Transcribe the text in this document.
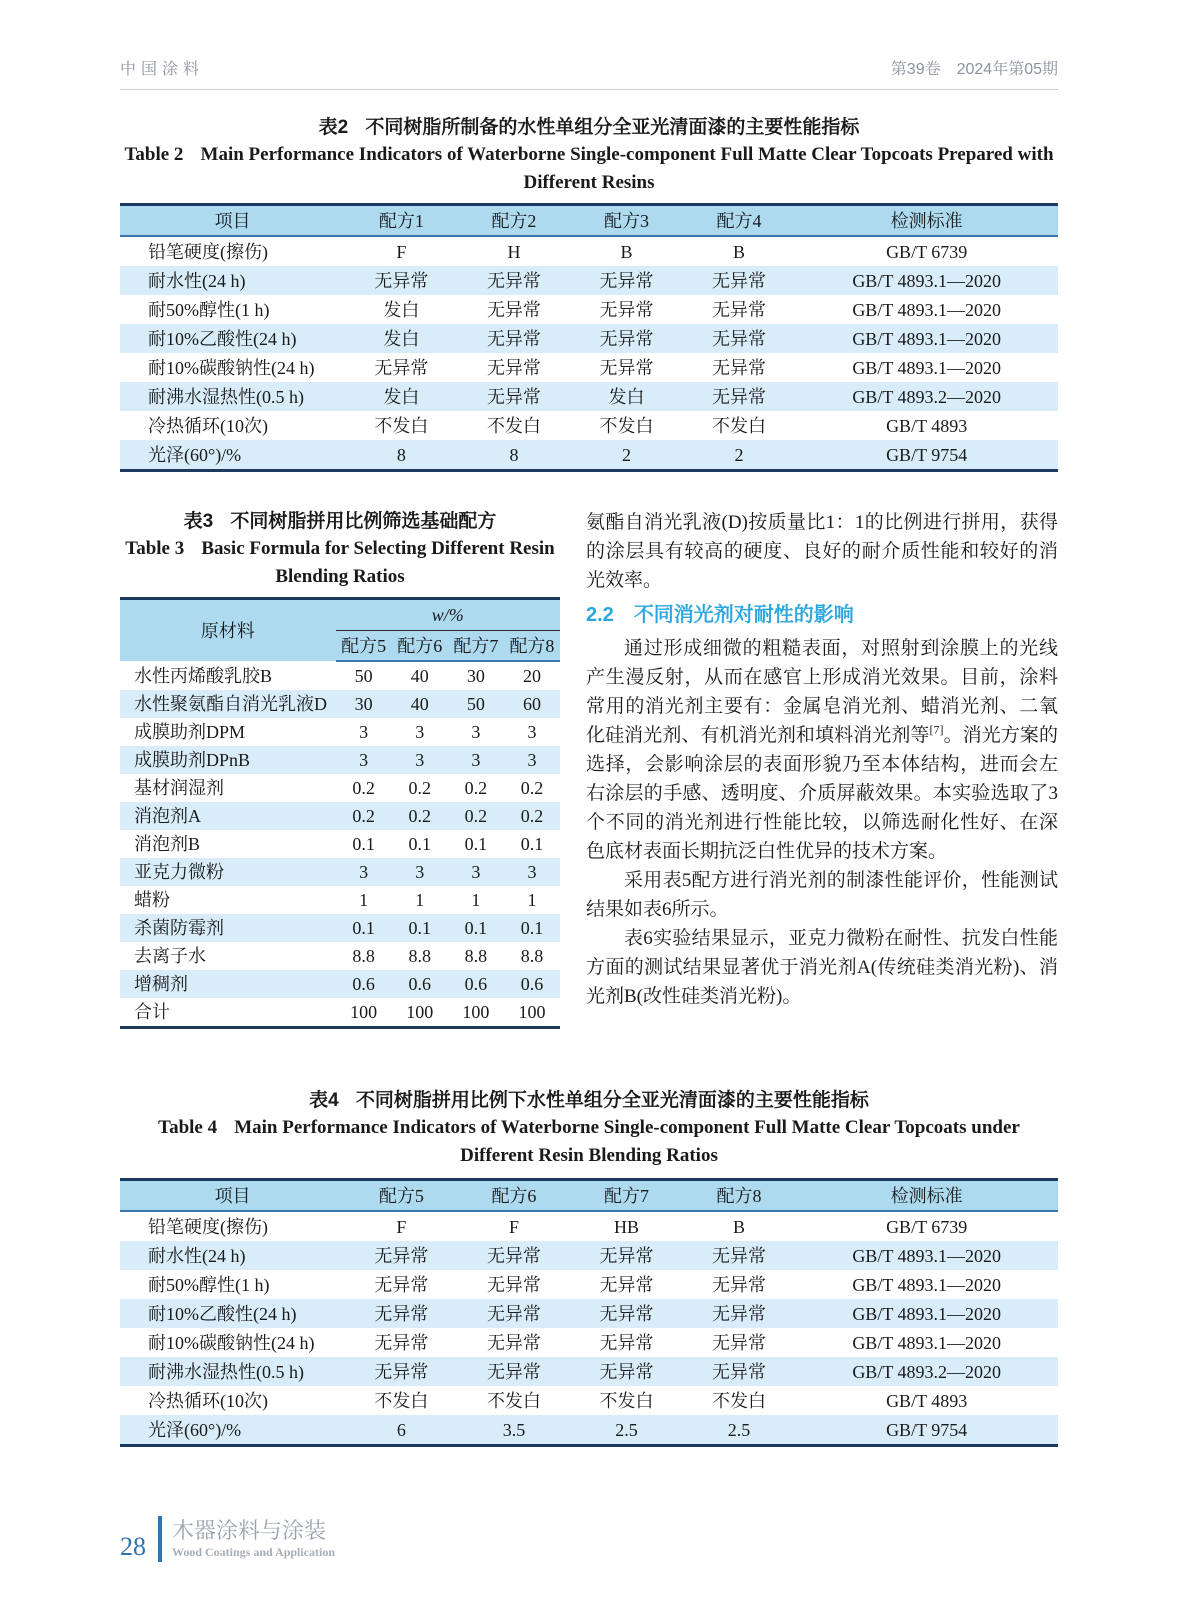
中国涂料	第39卷　2024年第05期
表2 不同树脂所制备的水性单组分全亚光清面漆的主要性能指标
Table 2 Main Performance Indicators of Waterborne Single-component Full Matte Clear Topcoats Prepared with Different Resins
项目	配方1	配方2	配方3	配方4	检测标准
铅笔硬度(擦伤)	F	H	B	B	GB/T 6739
耐水性(24 h)	无异常	无异常	无异常	无异常	GB/T 4893.1—2020
耐50%醇性(1 h)	发白	无异常	无异常	无异常	GB/T 4893.1—2020
耐10%乙酸性(24 h)	发白	无异常	无异常	无异常	GB/T 4893.1—2020
耐10%碳酸钠性(24 h)	无异常	无异常	无异常	无异常	GB/T 4893.1—2020
耐沸水湿热性(0.5 h)	发白	无异常	发白	无异常	GB/T 4893.2—2020
冷热循环(10次)	不发白	不发白	不发白	不发白	GB/T 4893
光泽(60°)/%	8	8	2	2	GB/T 9754
表3 不同树脂拼用比例筛选基础配方
Table 3 Basic Formula for Selecting Different Resin Blending Ratios
原材料	w/%			
	配方5	配方6	配方7	配方8
水性丙烯酸乳胶B	50	40	30	20
水性聚氨酯自消光乳液D	30	40	50	60
成膜助剂DPM	3	3	3	3
成膜助剂DPnB	3	3	3	3
基材润湿剂	0.2	0.2	0.2	0.2
消泡剂A	0.2	0.2	0.2	0.2
消泡剂B	0.1	0.1	0.1	0.1
亚克力微粉	3	3	3	3
蜡粉	1	1	1	1
杀菌防霉剂	0.1	0.1	0.1	0.1
去离子水	8.8	8.8	8.8	8.8
增稠剂	0.6	0.6	0.6	0.6
合计	100	100	100	100

氨酯自消光乳液(D)按质量比1：1的比例进行拼用，获得的涂层具有较高的硬度、良好的耐介质性能和较好的消光效率。

2.2 不同消光剂对耐性的影响

通过形成细微的粗糙表面，对照射到涂膜上的光线产生漫反射，从而在感官上形成消光效果。目前，涂料常用的消光剂主要有：金属皂消光剂、蜡消光剂、二氧化硅消光剂、有机消光剂和填料消光剂等[7]。消光方案的选择，会影响涂层的表面形貌乃至本体结构，进而会左右涂层的手感、透明度、介质屏蔽效果。本实验选取了3个不同的消光剂进行性能比较，以筛选耐化性好、在深色底材表面长期抗泛白性优异的技术方案。

采用表5配方进行消光剂的制漆性能评价，性能测试结果如表6所示。

表6实验结果显示，亚克力微粉在耐性、抗发白性能方面的测试结果显著优于消光剂A(传统硅类消光粉)、消光剂B(改性硅类消光粉)。

表4 不同树脂拼用比例下水性单组分全亚光清面漆的主要性能指标
Table 4 Main Performance Indicators of Waterborne Single-component Full Matte Clear Topcoats under Different Resin Blending Ratios
项目	配方5	配方6	配方7	配方8	检测标准
铅笔硬度(擦伤)	F	F	HB	B	GB/T 6739
耐水性(24 h)	无异常	无异常	无异常	无异常	GB/T 4893.1—2020
耐50%醇性(1 h)	无异常	无异常	无异常	无异常	GB/T 4893.1—2020
耐10%乙酸性(24 h)	无异常	无异常	无异常	无异常	GB/T 4893.1—2020
耐10%碳酸钠性(24 h)	无异常	无异常	无异常	无异常	GB/T 4893.1—2020
耐沸水湿热性(0.5 h)	无异常	无异常	无异常	无异常	GB/T 4893.2—2020
冷热循环(10次)	不发白	不发白	不发白	不发白	GB/T 4893
光泽(60°)/%	6	3.5	2.5	2.5	GB/T 9754
28
木器涂料与涂装
Wood Coatings and Application
